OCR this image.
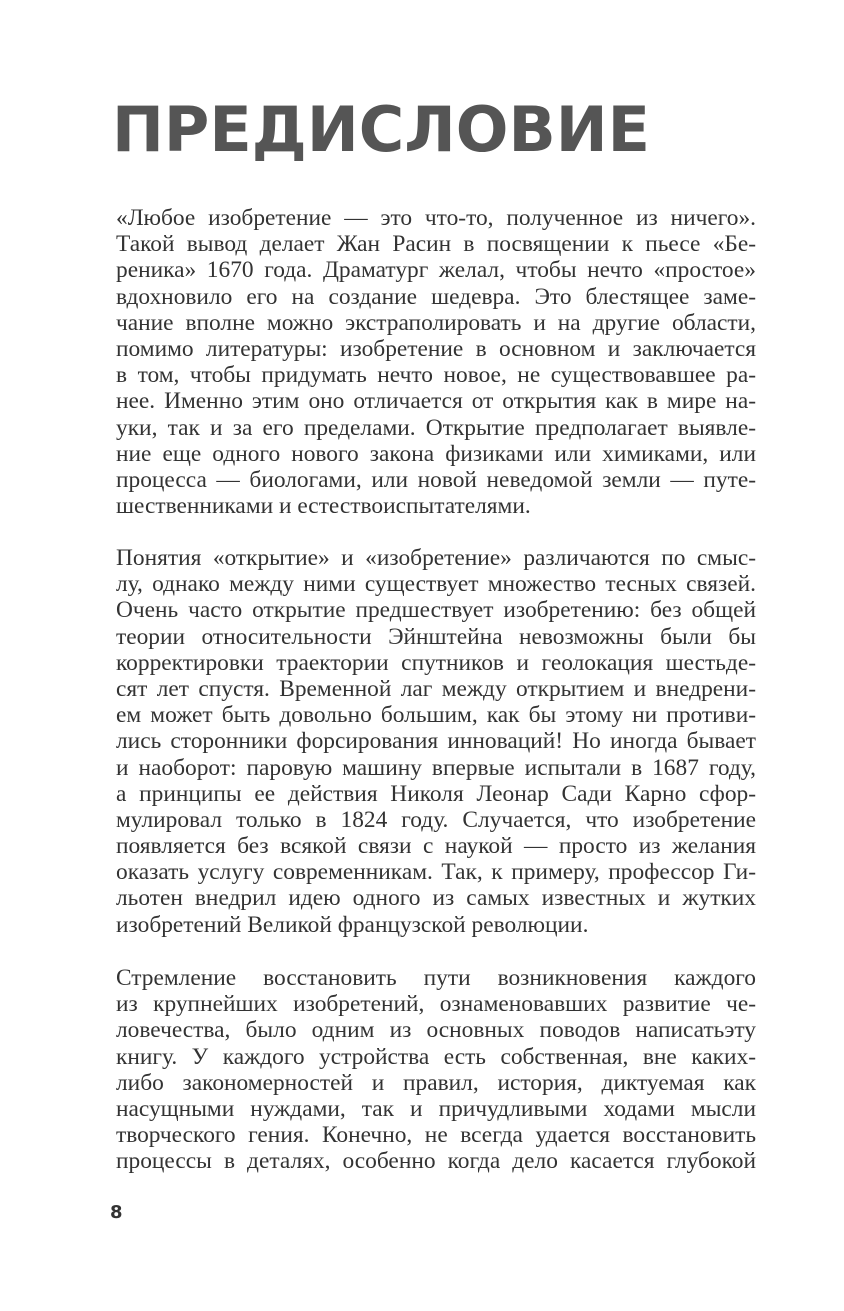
ПРЕДИСЛОВИЕ
«Любое изобретение — это что-то, полученное из ничего».
Такой вывод делает Жан Расин в посвящении к пьесе «Бе-
реника» 1670 года. Драматург желал, чтобы нечто «простое»
вдохновило его на создание шедевра. Это блестящее заме-
чание вполне можно экстраполировать и на другие области,
помимо литературы: изобретение в основном и заключается
в том, чтобы придумать нечто новое, не существовавшее ра-
нее. Именно этим оно отличается от открытия как в мире на-
уки, так и за его пределами. Открытие предполагает выявле-
ние еще одного нового закона физиками или химиками, или
процесса — биологами, или новой неведомой земли — путе-
шественниками и естествоиспытателями.
Понятия «открытие» и «изобретение» различаются по смыс-
лу, однако между ними существует множество тесных связей.
Очень часто открытие предшествует изобретению: без общей
теории относительности Эйнштейна невозможны были бы
корректировки траектории спутников и геолокация шестьде-
сят лет спустя. Временной лаг между открытием и внедрени-
ем может быть довольно большим, как бы этому ни противи-
лись сторонники форсирования инноваций! Но иногда бывает
и наоборот: паровую машину впервые испытали в 1687 году,
а принципы ее действия Николя Леонар Сади Карно сфор-
мулировал только в 1824 году. Случается, что изобретение
появляется без всякой связи с наукой — просто из желания
оказать услугу современникам. Так, к примеру, профессор Ги-
льотен внедрил идею одного из самых известных и жутких
изобретений Великой французской революции.
Стремление восстановить пути возникновения каждого
из крупнейших изобретений, ознаменовавших развитие че-
ловечества, было одним из основных поводов написатьэту
книгу. У каждого устройства есть собственная, вне каких-
либо закономерностей и правил, история, диктуемая как
насущными нуждами, так и причудливыми ходами мысли
творческого гения. Конечно, не всегда удается восстановить
процессы в деталях, особенно когда дело касается глубокой
8
